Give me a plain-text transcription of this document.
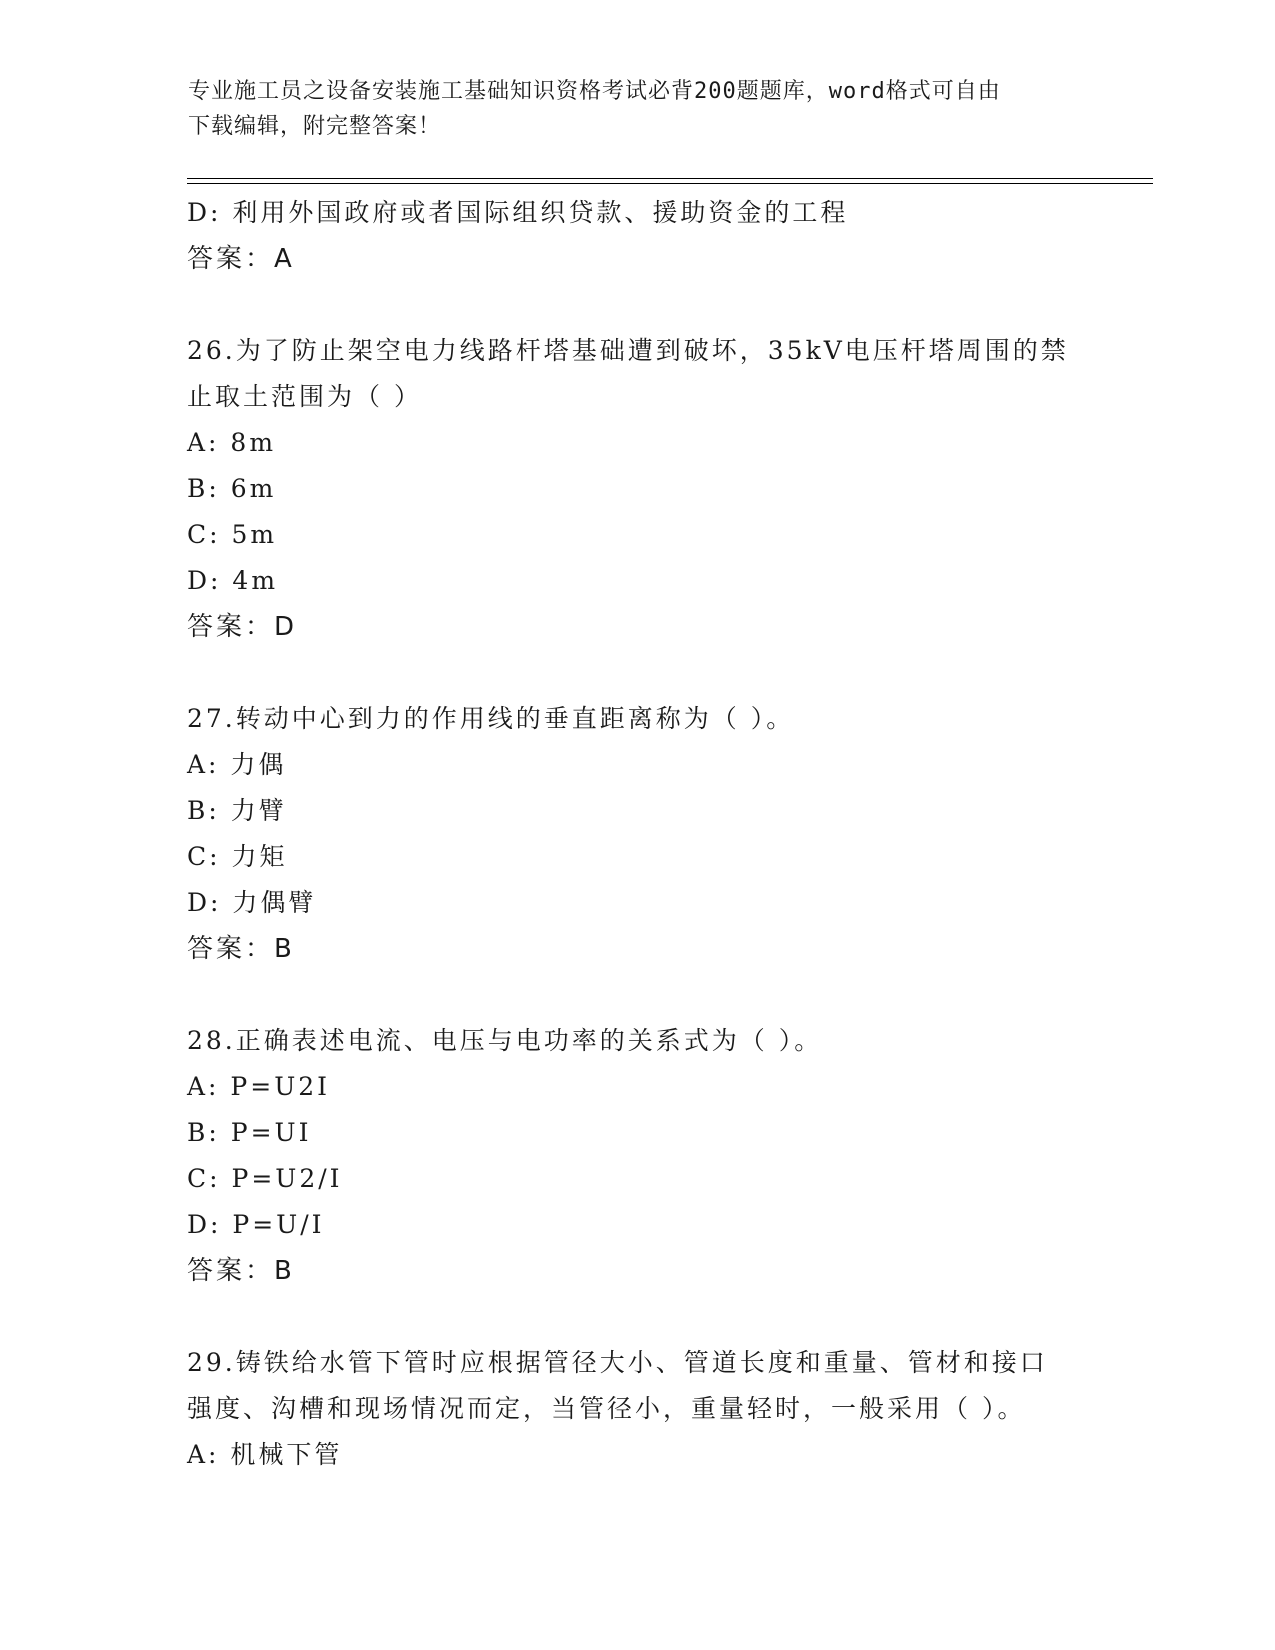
专业施工员之设备安装施工基础知识资格考试必背200题题库，word格式可自由
下载编辑，附完整答案！
D: 利用外国政府或者国际组织贷款、援助资金的工程
答案：A
26.为了防止架空电力线路杆塔基础遭到破坏，35kV电压杆塔周围的禁
止取土范围为（ ）
A: 8m
B: 6m
C: 5m
D: 4m
答案：D
27.转动中心到力的作用线的垂直距离称为（ ）。
A: 力偶
B: 力臂
C: 力矩
D: 力偶臂
答案：B
28.正确表述电流、电压与电功率的关系式为（ ）。
A: P=U2I
B: P=UI
C: P=U2/I
D: P=U/I
答案：B
29.铸铁给水管下管时应根据管径大小、管道长度和重量、管材和接口
强度、沟槽和现场情况而定，当管径小，重量轻时，一般采用（ ）。
A: 机械下管
